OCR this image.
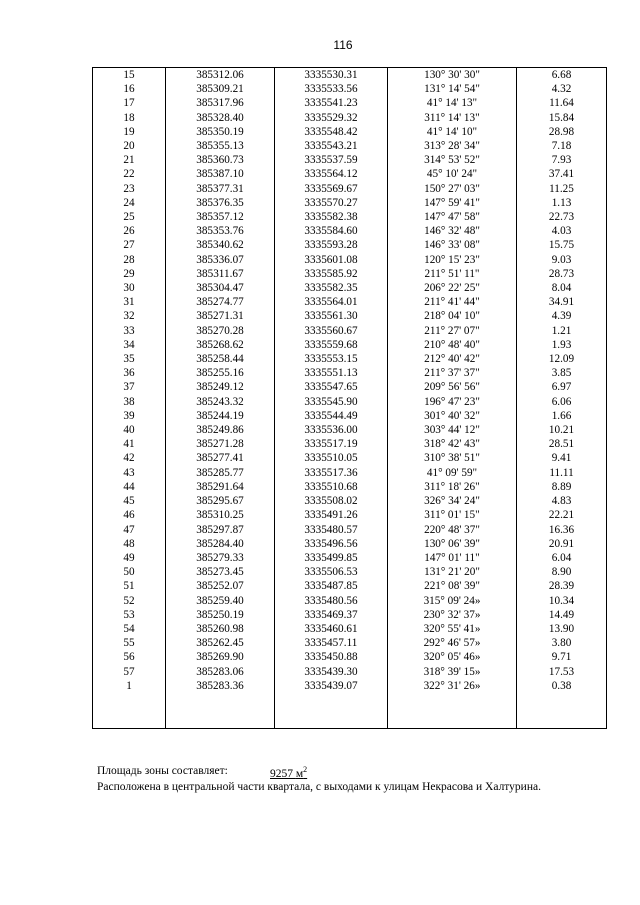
116
15	385312.06	3335530.31	130° 30' 30"	6.68
16	385309.21	3335533.56	131° 14' 54"	4.32
17	385317.96	3335541.23	41° 14' 13"	11.64
18	385328.40	3335529.32	311° 14' 13"	15.84
19	385350.19	3335548.42	41° 14' 10"	28.98
20	385355.13	3335543.21	313° 28' 34"	7.18
21	385360.73	3335537.59	314° 53' 52"	7.93
22	385387.10	3335564.12	45° 10' 24"	37.41
23	385377.31	3335569.67	150° 27' 03"	11.25
24	385376.35	3335570.27	147° 59' 41"	1.13
25	385357.12	3335582.38	147° 47' 58"	22.73
26	385353.76	3335584.60	146° 32' 48"	4.03
27	385340.62	3335593.28	146° 33' 08"	15.75
28	385336.07	3335601.08	120° 15' 23"	9.03
29	385311.67	3335585.92	211° 51' 11"	28.73
30	385304.47	3335582.35	206° 22' 25"	8.04
31	385274.77	3335564.01	211° 41' 44"	34.91
32	385271.31	3335561.30	218° 04' 10"	4.39
33	385270.28	3335560.67	211° 27' 07"	1.21
34	385268.62	3335559.68	210° 48' 40"	1.93
35	385258.44	3335553.15	212° 40' 42"	12.09
36	385255.16	3335551.13	211° 37' 37"	3.85
37	385249.12	3335547.65	209° 56' 56"	6.97
38	385243.32	3335545.90	196° 47' 23"	6.06
39	385244.19	3335544.49	301° 40' 32"	1.66
40	385249.86	3335536.00	303° 44' 12"	10.21
41	385271.28	3335517.19	318° 42' 43"	28.51
42	385277.41	3335510.05	310° 38' 51"	9.41
43	385285.77	3335517.36	41° 09' 59"	11.11
44	385291.64	3335510.68	311° 18' 26"	8.89
45	385295.67	3335508.02	326° 34' 24"	4.83
46	385310.25	3335491.26	311° 01' 15"	22.21
47	385297.87	3335480.57	220° 48' 37"	16.36
48	385284.40	3335496.56	130° 06' 39"	20.91
49	385279.33	3335499.85	147° 01' 11"	6.04
50	385273.45	3335506.53	131° 21' 20"	8.90
51	385252.07	3335487.85	221° 08' 39"	28.39
52	385259.40	3335480.56	315° 09' 24»	10.34
53	385250.19	3335469.37	230° 32' 37»	14.49
54	385260.98	3335460.61	320° 55' 41»	13.90
55	385262.45	3335457.11	292° 46' 57»	3.80
56	385269.90	3335450.88	320° 05' 46»	9.71
57	385283.06	3335439.30	318° 39' 15»	17.53
1	385283.36	3335439.07	322° 31' 26»	0.38

Площадь зоны составляет:	9257 $м^2$
Расположена в центральной части квартала, с выходами к улицам Некрасова и Халтурина.
